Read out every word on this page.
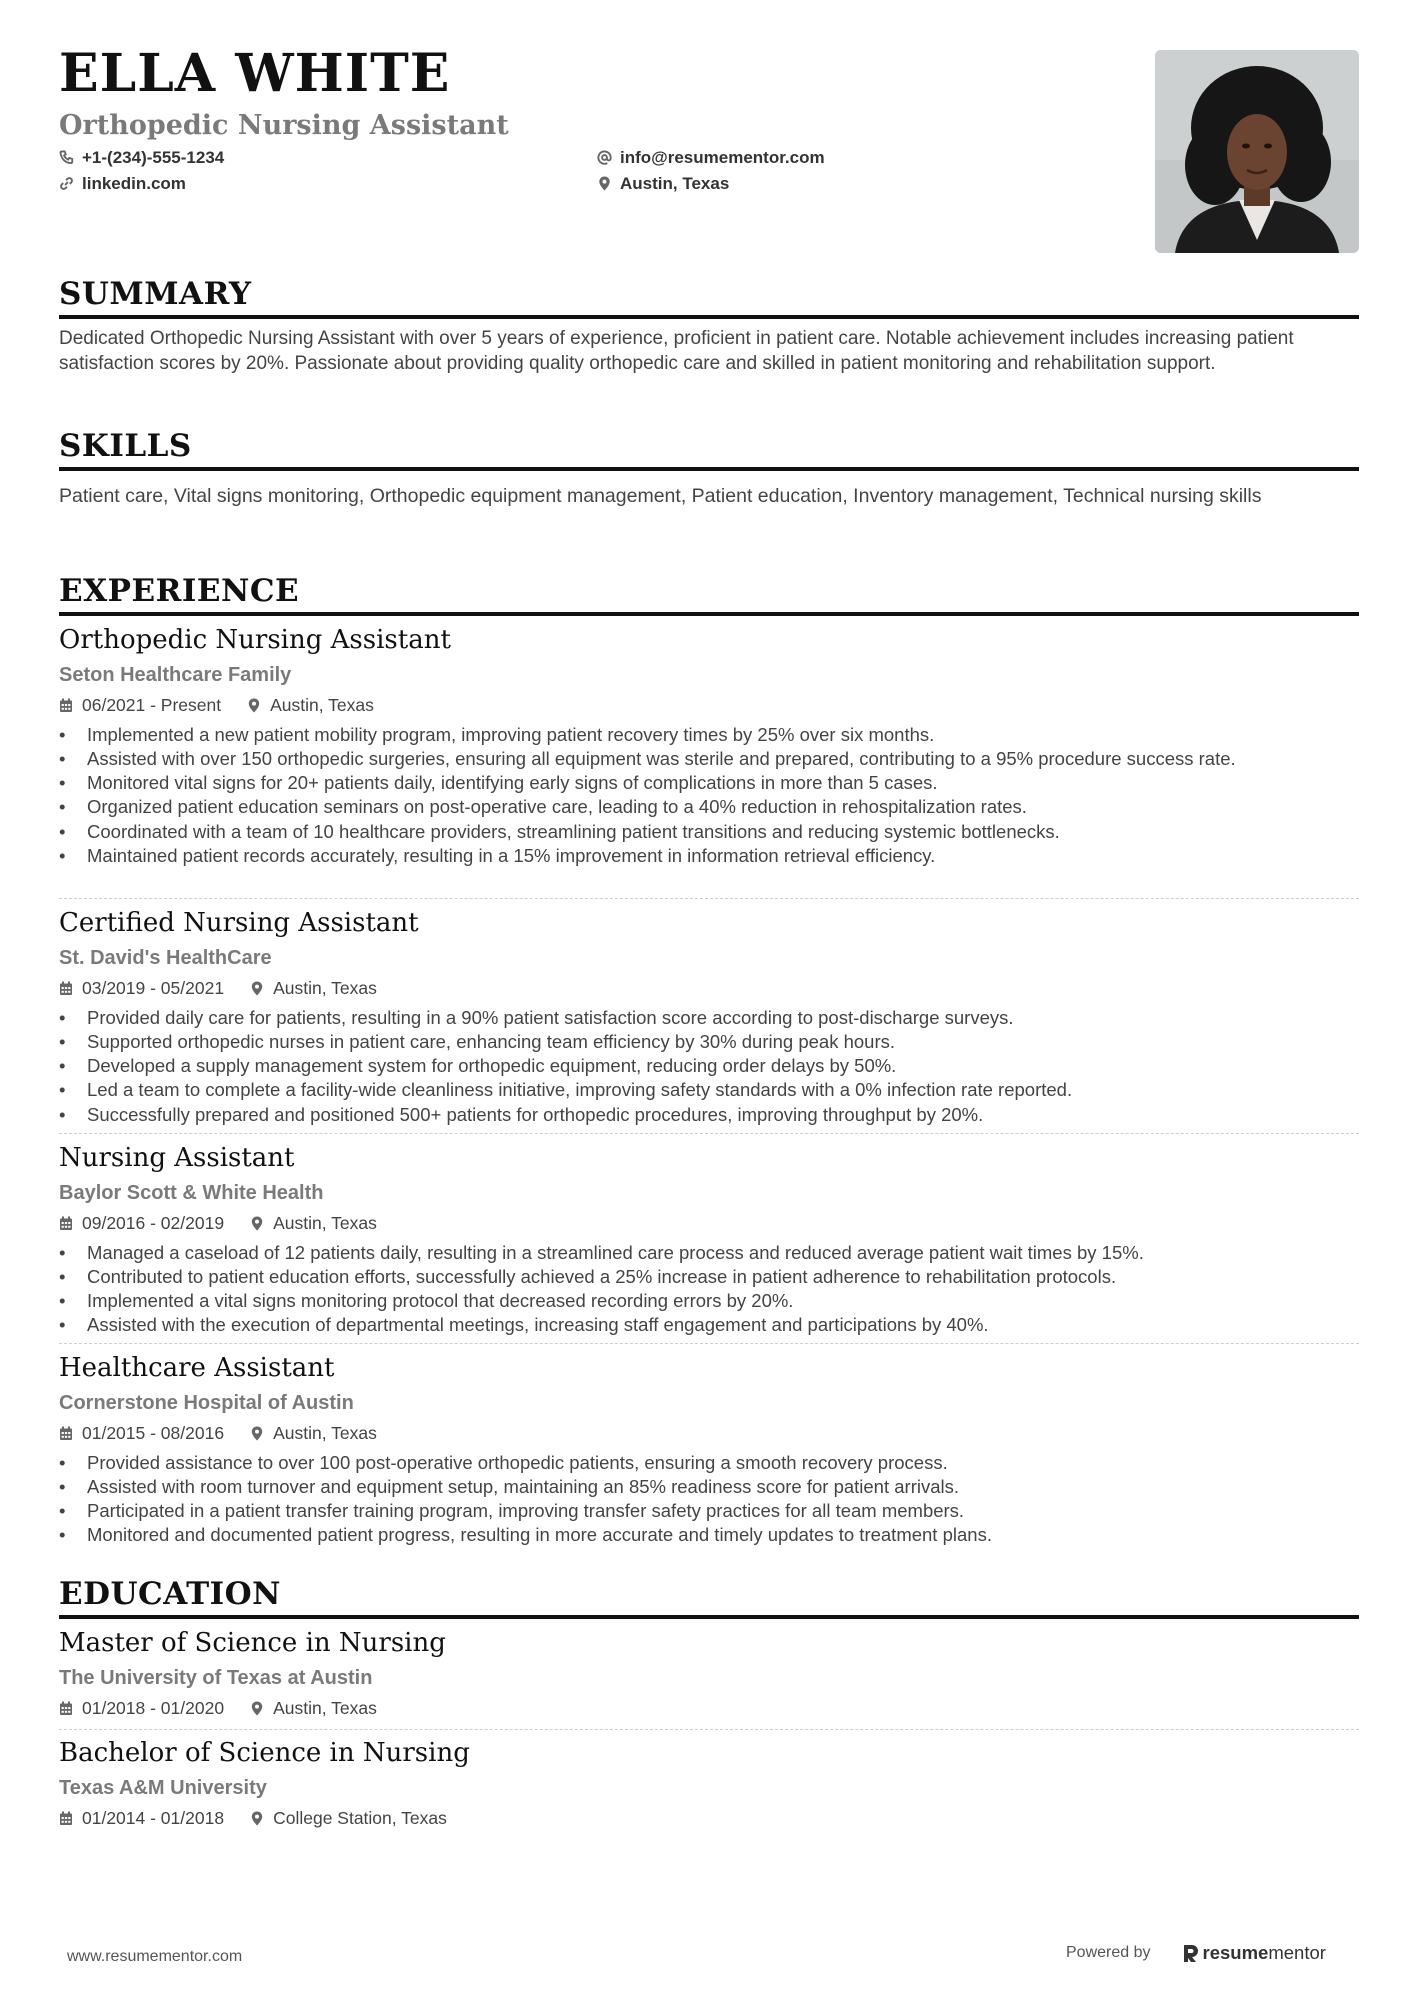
ELLA WHITE
Orthopedic Nursing Assistant
+1-(234)-555-1234
linkedin.com
info@resumementor.com
Austin, Texas
SUMMARY
Dedicated Orthopedic Nursing Assistant with over 5 years of experience, proficient in patient care. Notable achievement includes increasing patient satisfaction scores by 20%. Passionate about providing quality orthopedic care and skilled in patient monitoring and rehabilitation support.
SKILLS
Patient care, Vital signs monitoring, Orthopedic equipment management, Patient education, Inventory management, Technical nursing skills
EXPERIENCE
Orthopedic Nursing Assistant
Seton Healthcare Family
06/2021 - Present	Austin, Texas
• Implemented a new patient mobility program, improving patient recovery times by 25% over six months.
• Assisted with over 150 orthopedic surgeries, ensuring all equipment was sterile and prepared, contributing to a 95% procedure success rate.
• Monitored vital signs for 20+ patients daily, identifying early signs of complications in more than 5 cases.
• Organized patient education seminars on post-operative care, leading to a 40% reduction in rehospitalization rates.
• Coordinated with a team of 10 healthcare providers, streamlining patient transitions and reducing systemic bottlenecks.
• Maintained patient records accurately, resulting in a 15% improvement in information retrieval efficiency.
Certified Nursing Assistant
St. David's HealthCare
03/2019 - 05/2021	Austin, Texas
• Provided daily care for patients, resulting in a 90% patient satisfaction score according to post-discharge surveys.
• Supported orthopedic nurses in patient care, enhancing team efficiency by 30% during peak hours.
• Developed a supply management system for orthopedic equipment, reducing order delays by 50%.
• Led a team to complete a facility-wide cleanliness initiative, improving safety standards with a 0% infection rate reported.
• Successfully prepared and positioned 500+ patients for orthopedic procedures, improving throughput by 20%.
Nursing Assistant
Baylor Scott & White Health
09/2016 - 02/2019	Austin, Texas
• Managed a caseload of 12 patients daily, resulting in a streamlined care process and reduced average patient wait times by 15%.
• Contributed to patient education efforts, successfully achieved a 25% increase in patient adherence to rehabilitation protocols.
• Implemented a vital signs monitoring protocol that decreased recording errors by 20%.
• Assisted with the execution of departmental meetings, increasing staff engagement and participations by 40%.
Healthcare Assistant
Cornerstone Hospital of Austin
01/2015 - 08/2016	Austin, Texas
• Provided assistance to over 100 post-operative orthopedic patients, ensuring a smooth recovery process.
• Assisted with room turnover and equipment setup, maintaining an 85% readiness score for patient arrivals.
• Participated in a patient transfer training program, improving transfer safety practices for all team members.
• Monitored and documented patient progress, resulting in more accurate and timely updates to treatment plans.
EDUCATION
Master of Science in Nursing
The University of Texas at Austin
01/2018 - 01/2020	Austin, Texas
Bachelor of Science in Nursing
Texas A&M University
01/2014 - 01/2018	College Station, Texas
www.resumementor.com	Powered by	resumementor
